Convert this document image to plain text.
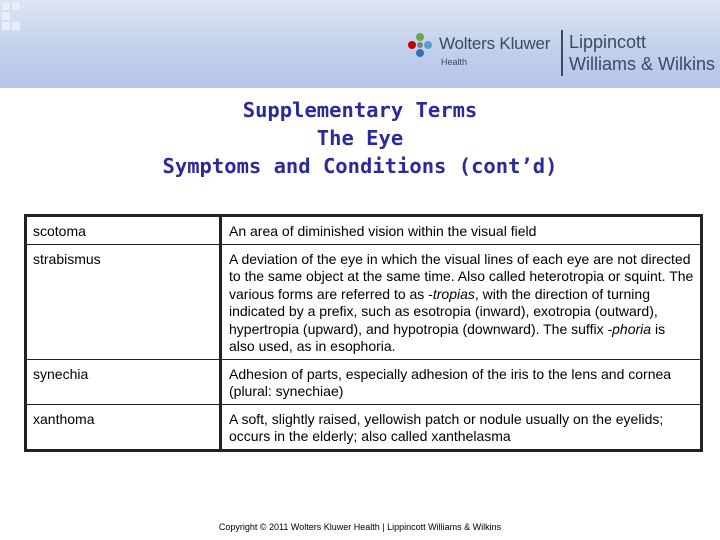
Wolters Kluwer
Health
Lippincott
Williams & Wilkins
Supplementary Terms
The Eye
Symptoms and Conditions (cont’d)
scotoma	An area of diminished vision within the visual field
strabismus	A deviation of the eye in which the visual lines of each eye are not directed to the same object at the same time. Also called heterotropia or squint. The various forms are referred to as -tropias, with the direction of turning indicated by a prefix, such as esotropia (inward), exotropia (outward), hypertropia (upward), and hypotropia (downward). The suffix -phoria is also used, as in esophoria.
synechia	Adhesion of parts, especially adhesion of the iris to the lens and cornea (plural: synechiae)
xanthoma	A soft, slightly raised, yellowish patch or nodule usually on the eyelids; occurs in the elderly; also called xanthelasma
Copyright © 2011 Wolters Kluwer Health | Lippincott Williams & Wilkins
